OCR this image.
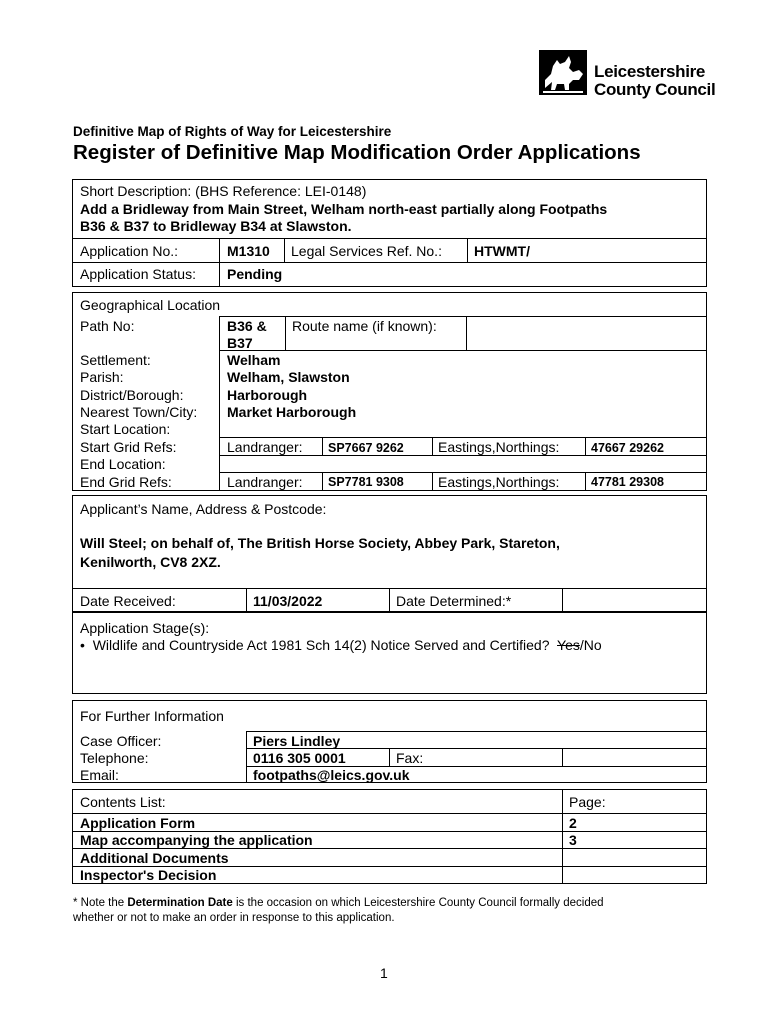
Leicestershire
County Council
Definitive Map of Rights of Way for Leicestershire
Register of Definitive Map Modification Order Applications
Short Description: (BHS Reference: LEI-0148)
Add a Bridleway from Main Street, Welham north-east partially along Footpaths
B36 & B37 to Bridleway B34 at Slawston.
Application No.:	M1310 Legal Services Ref. No.: HTWMT/
Application Status: Pending
Geographical Location
Path No:	B36 &
B37
Route name (if known):
Settlement:	Welham
Parish:	Welham, Slawston
District/Borough:	Harborough
Nearest Town/City: Market Harborough
Start Location:
Start Grid Refs:	Landranger: SP7667 9262 Eastings,Northings:	47667 29262
End Location:
End Grid Refs:	Landranger: SP7781 9308 Eastings,Northings:	47781 29308
Applicant’s Name, Address & Postcode:
Will Steel; on behalf of, The British Horse Society, Abbey Park, Stareton,
Kenilworth, CV8 2XZ.
Date Received:	11/03/2022	Date Determined:*
Application Stage(s):
• Wildlife and Countryside Act 1981 Sch 14(2) Notice Served and Certified? Yes/No
For Further Information
Case Officer:	Piers Lindley
Telephone:	0116 305 0001	Fax:
Email:	footpaths@leics.gov.uk
Contents List:	Page:
Application Form	2
Map accompanying the application	3
Additional Documents
Inspector's Decision
* Note the Determination Date is the occasion on which Leicestershire County Council formally decided
whether or not to make an order in response to this application.
1
